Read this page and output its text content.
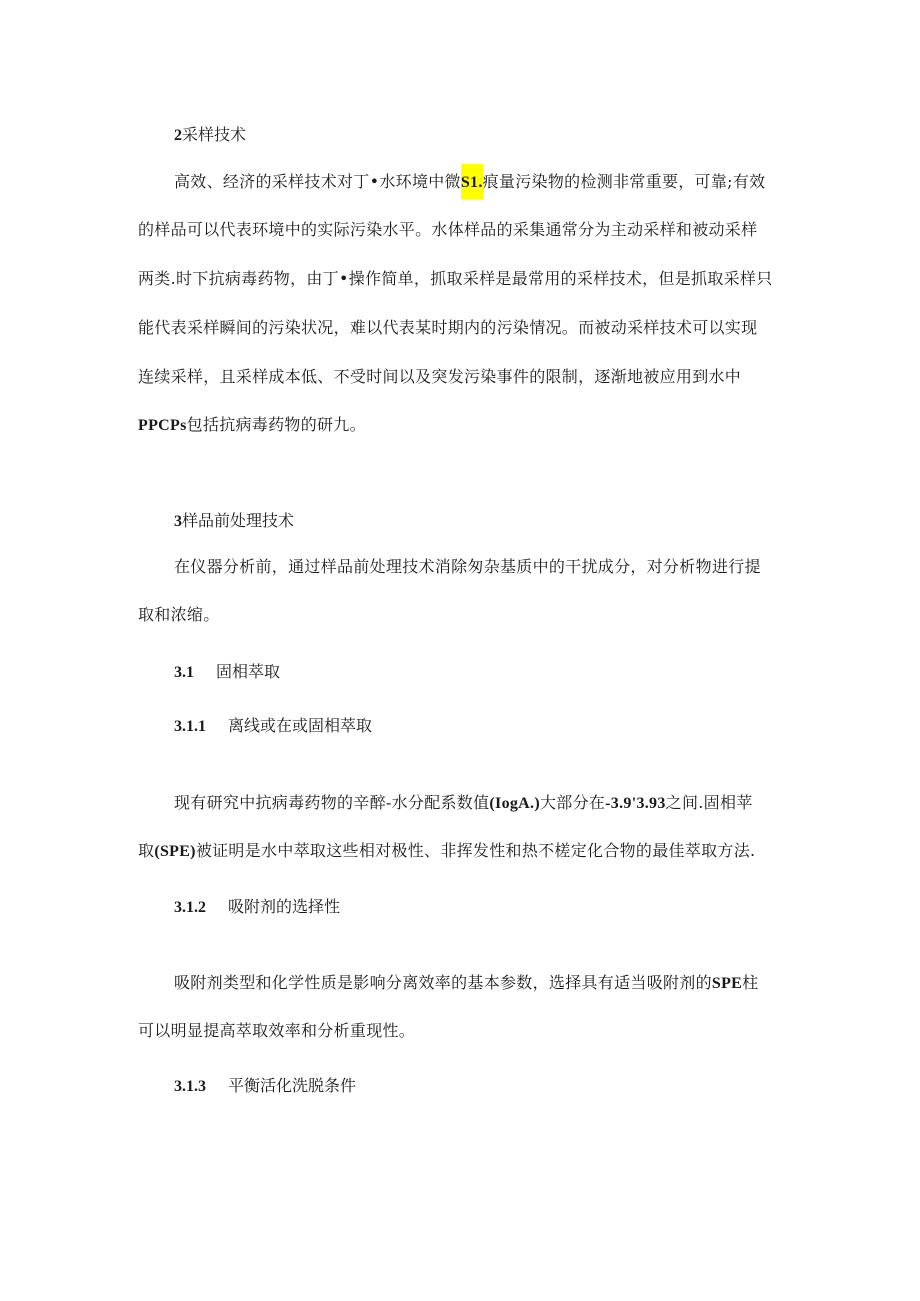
2采样技术
高效、经济的采样技术对丁•水环境中微S1.痕量污染物的检测非常重要，可靠;有效
的样品可以代表环境中的实际污染水平。水体样品的采集通常分为主动采样和被动采样
两类.时下抗病毒药物，由丁•操作简单，抓取采样是最常用的采样技术，但是抓取采样只
能代表采样瞬间的污染状况，难以代表某时期内的污染情况。而被动采样技术可以实现
连续采样，且采样成本低、不受时间以及突发污染事件的限制，逐渐地被应用到水中
PPCPs包括抗病毒药物的研九。
3样品前处理技术
在仪器分析前，通过样品前处理技术消除匆杂基质中的干扰成分，对分析物进行提
取和浓缩。
3.1 固相萃取
3.1.1 离线或在或固相萃取
现有研究中抗病毒药物的辛醉-水分配系数值(IogA.)大部分在-3.9'3.93之间.固相苹
取(SPE)被证明是水中萃取这些相对极性、非挥发性和热不槎定化合物的最佳萃取方法.
3.1.2 吸附剂的选择性
吸附剂类型和化学性质是影响分离效率的基本参数，选择具有适当吸附剂的SPE柱
可以明显提高萃取效率和分析重现性。
3.1.3 平衡活化洗脱条件
